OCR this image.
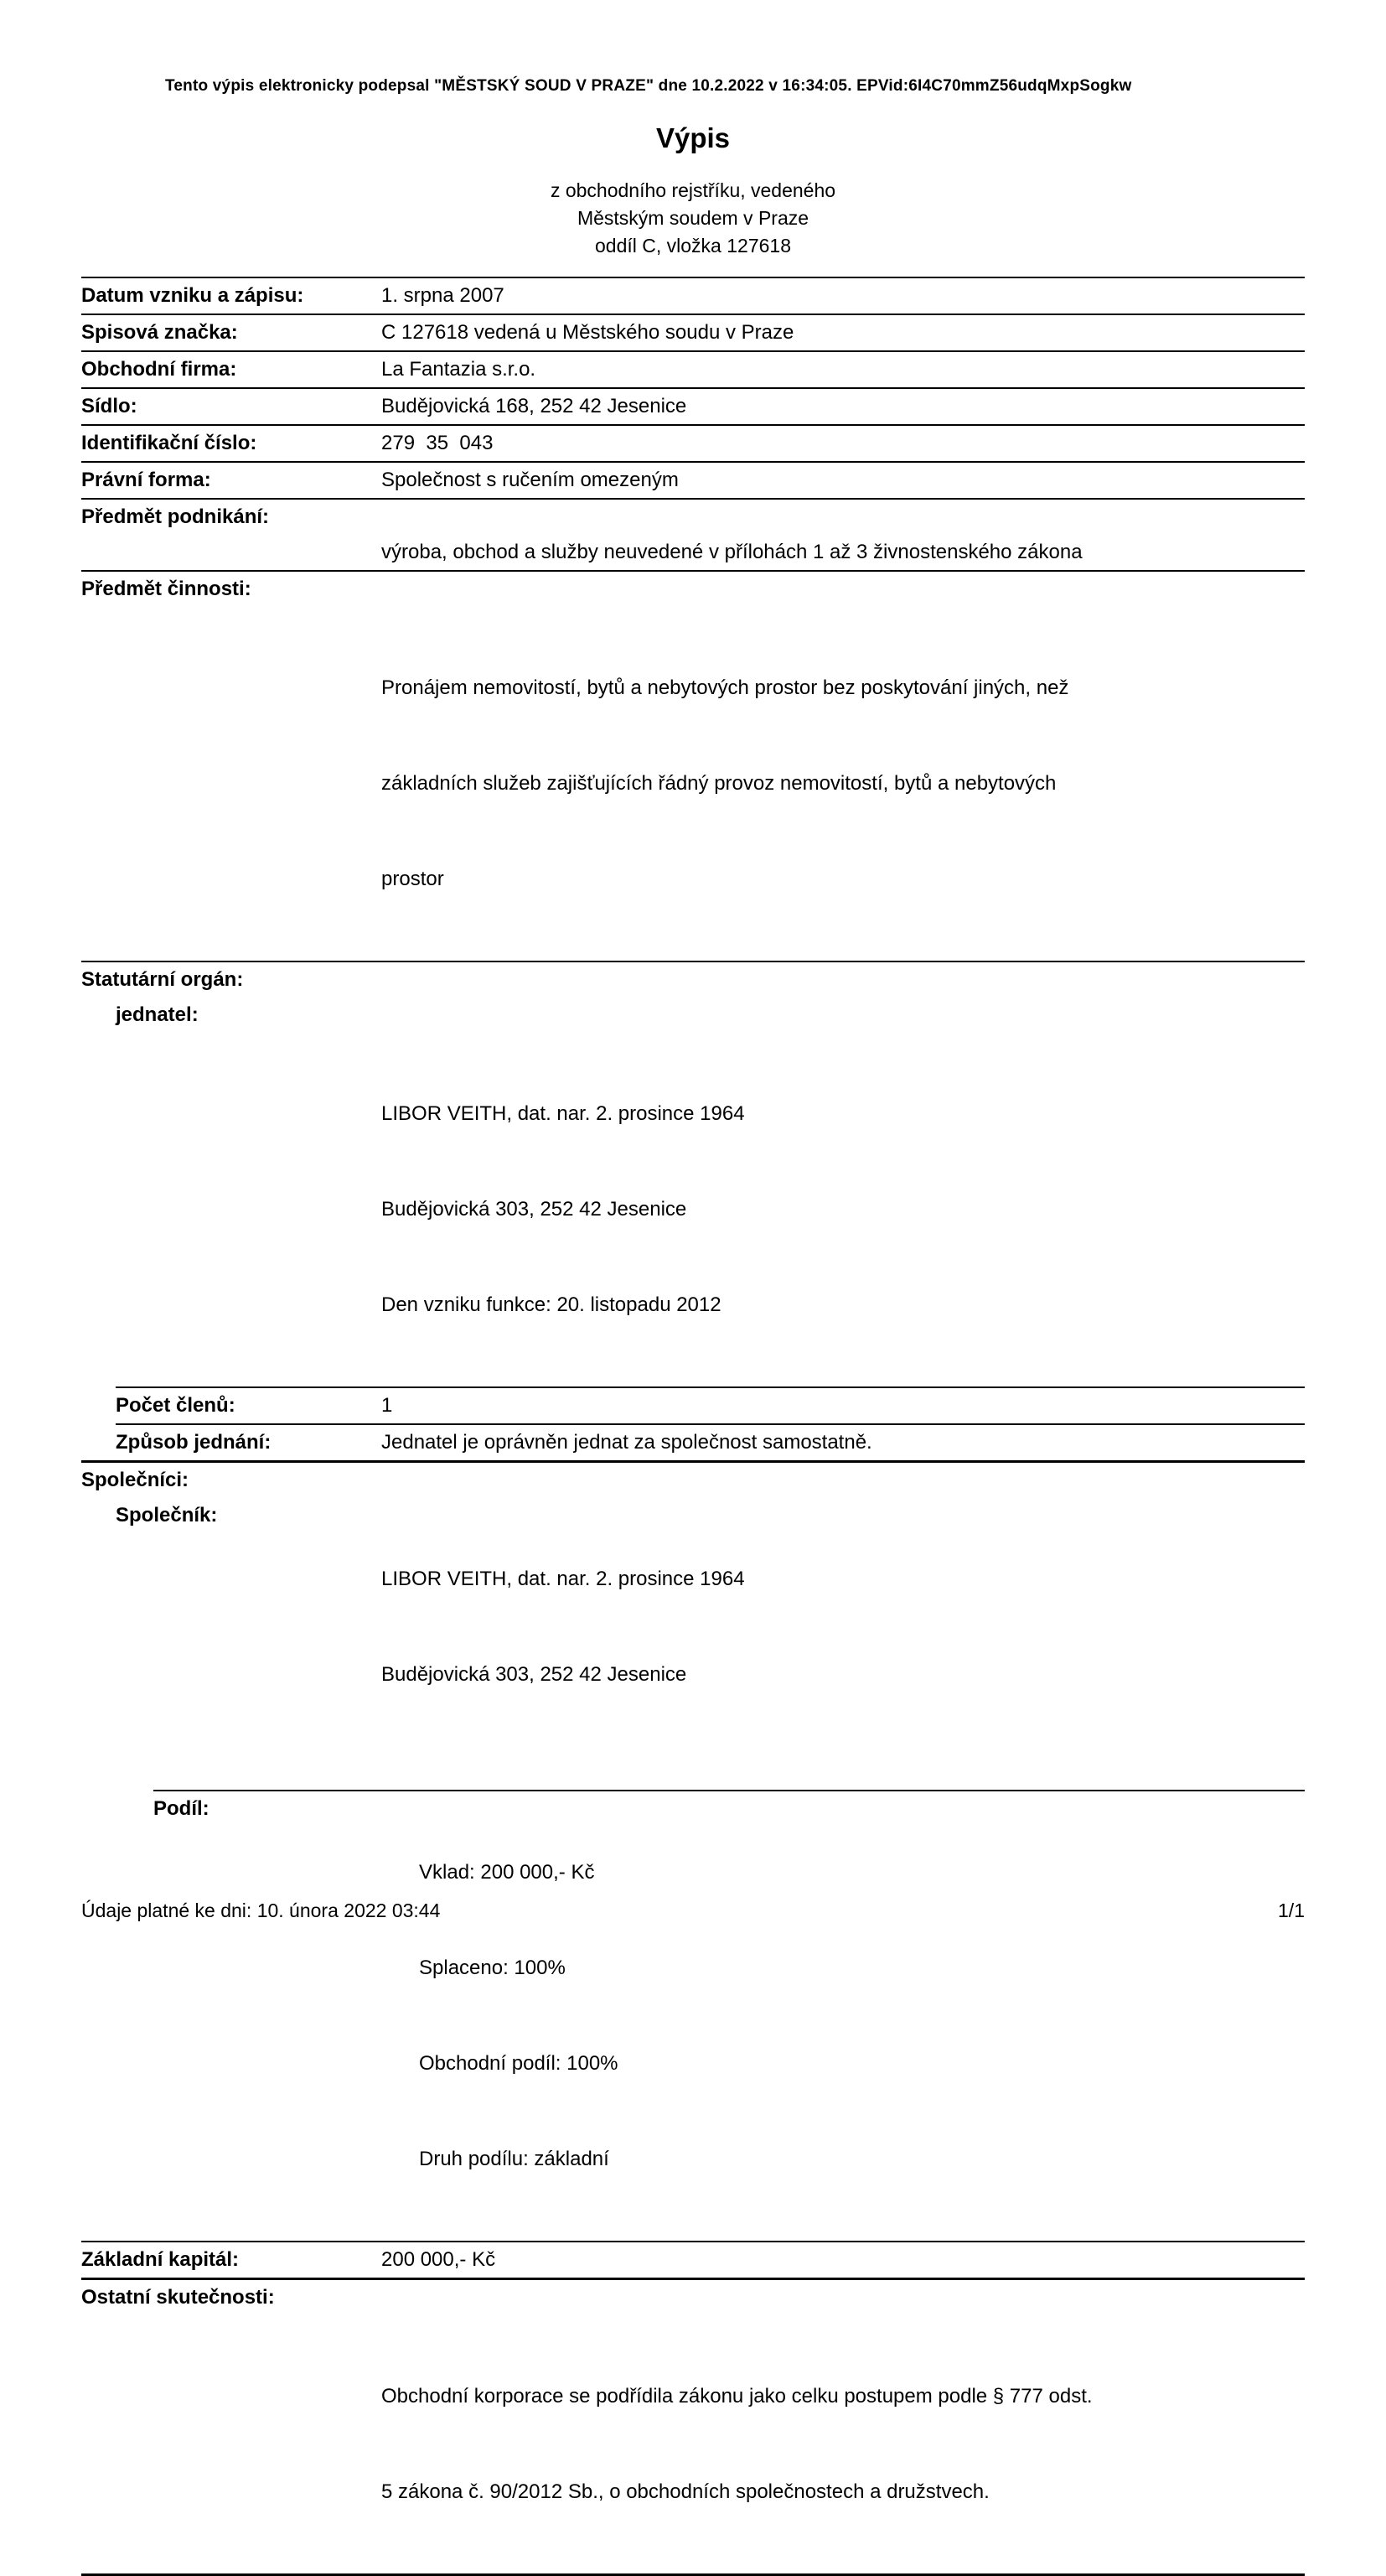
Tento výpis elektronicky podepsal "MĚSTSKÝ SOUD V PRAZE" dne 10.2.2022 v 16:34:05. EPVid:6I4C70mmZ56udqMxpSogkw
Výpis
z obchodního rejstříku, vedeného
Městským soudem v Praze
oddíl C, vložka 127618
Datum vzniku a zápisu:	1. srpna 2007
Spisová značka:	C 127618 vedená u Městského soudu v Praze
Obchodní firma:	La Fantazia s.r.o.
Sídlo:	Budějovická 168, 252 42 Jesenice
Identifikační číslo:	279  35  043
Právní forma:	Společnost s ručením omezeným
Předmět podnikání:
výroba, obchod a služby neuvedené v přílohách 1 až 3 živnostenského zákona
Předmět činnosti:

Pronájem nemovitostí, bytů a nebytových prostor bez poskytování jiných, než

základních služeb zajišťujících řádný provoz nemovitostí, bytů a nebytových

prostor

Statutární orgán:
jednatel:

LIBOR VEITH, dat. nar. 2. prosince 1964

Budějovická 303, 252 42 Jesenice

Den vzniku funkce: 20. listopadu 2012

Počet členů:	1
Způsob jednání:	Jednatel je oprávněn jednat za společnost samostatně.
Společníci:
Společník:

LIBOR VEITH, dat. nar. 2. prosince 1964

Budějovická 303, 252 42 Jesenice

Podíl:

Vklad: 200 000,- Kč

Splaceno: 100%

Obchodní podíl: 100%

Druh podílu: základní

Základní kapitál:	200 000,- Kč
Ostatní skutečnosti:

Obchodní korporace se podřídila zákonu jako celku postupem podle § 777 odst.

5 zákona č. 90/2012 Sb., o obchodních společnostech a družstvech.

Údaje platné ke dni: 10. února 2022 03:44	1/1
